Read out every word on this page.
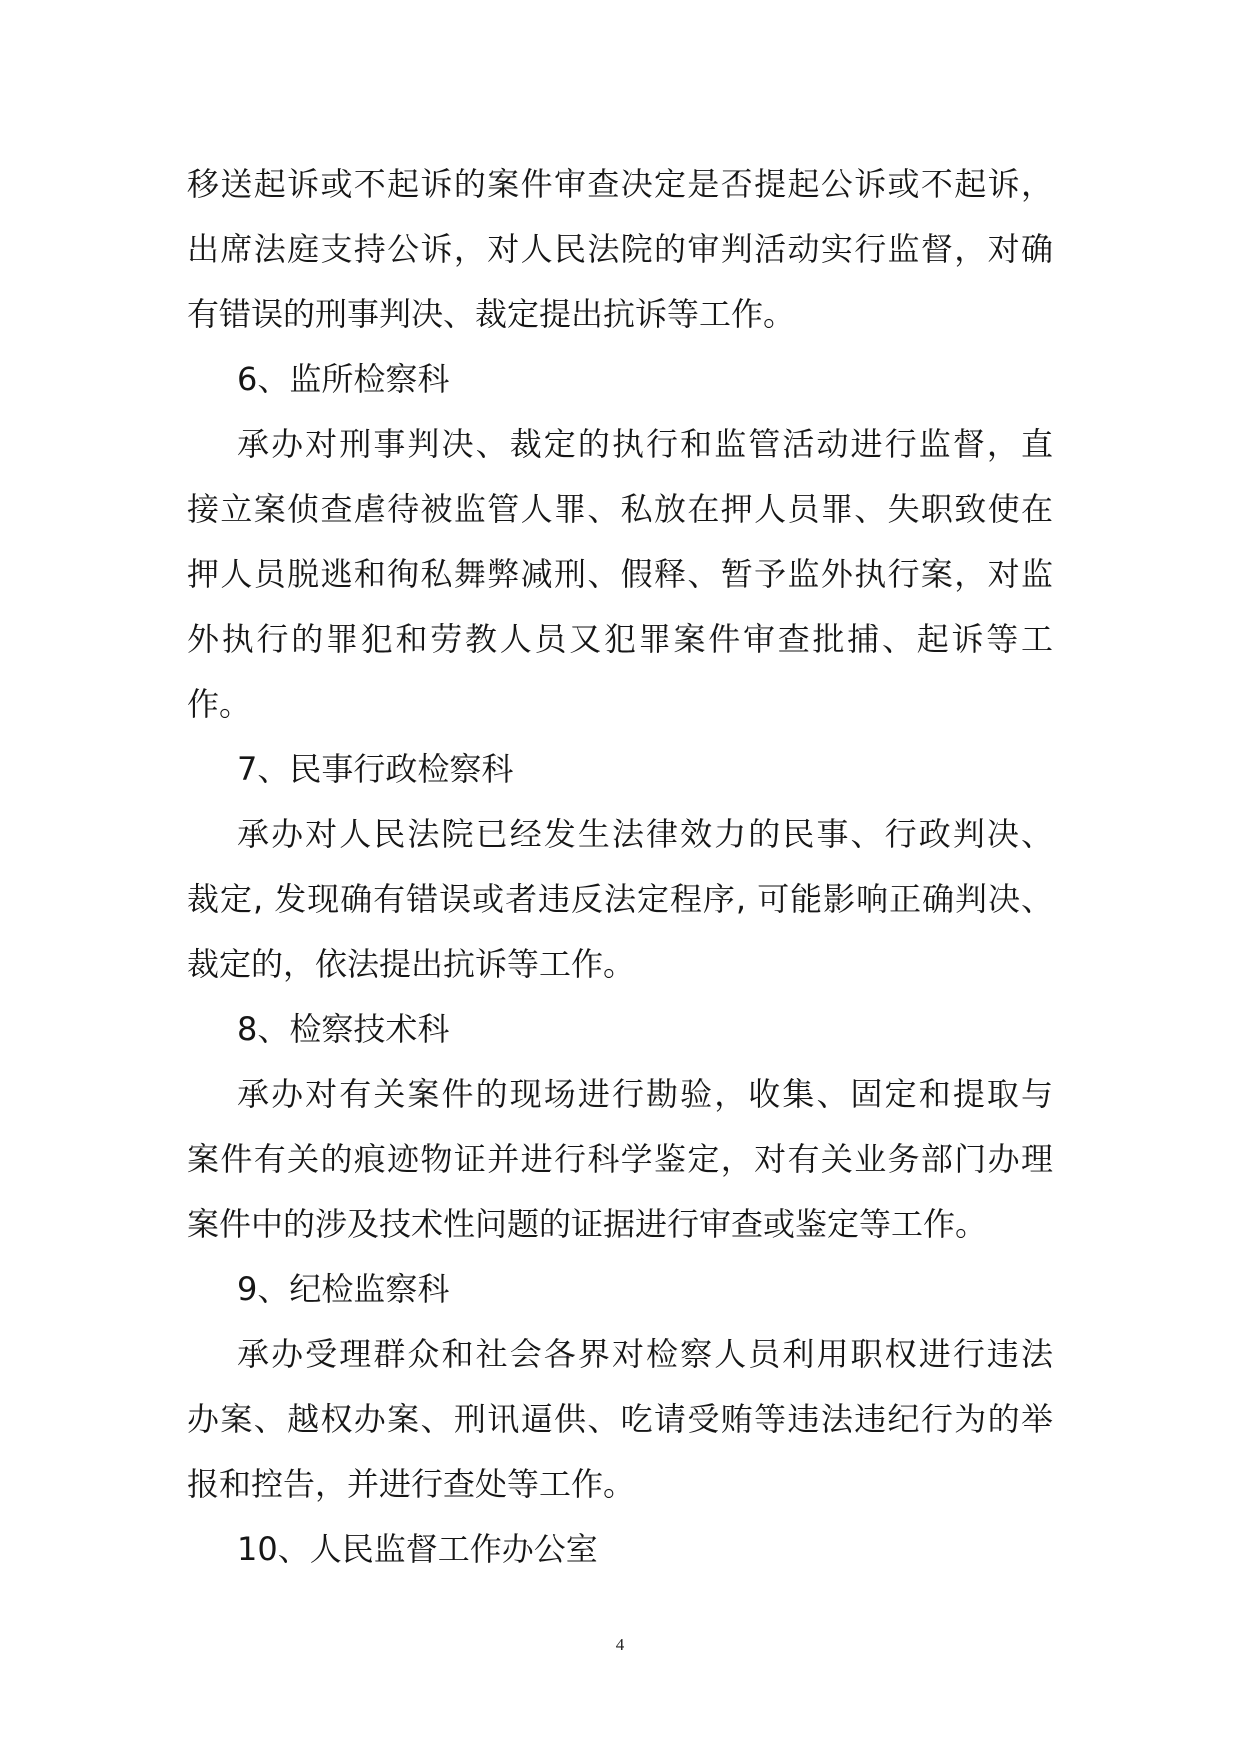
移送起诉或不起诉的案件审查决定是否提起公诉或不起诉，
出席法庭支持公诉，对人民法院的审判活动实行监督，对确
有错误的刑事判决、裁定提出抗诉等工作。
6、监所检察科
承办对刑事判决、裁定的执行和监管活动进行监督，直
接立案侦查虐待被监管人罪、私放在押人员罪、失职致使在
押人员脱逃和徇私舞弊减刑、假释、暂予监外执行案，对监
外执行的罪犯和劳教人员又犯罪案件审查批捕、起诉等工
作。
7、民事行政检察科
承办对人民法院已经发生法律效力的民事、行政判决、
裁定, 发现确有错误或者违反法定程序, 可能影响正确判决、
裁定的，依法提出抗诉等工作。
8、检察技术科
承办对有关案件的现场进行勘验，收集、固定和提取与
案件有关的痕迹物证并进行科学鉴定，对有关业务部门办理
案件中的涉及技术性问题的证据进行审查或鉴定等工作。
9、纪检监察科
承办受理群众和社会各界对检察人员利用职权进行违法
办案、越权办案、刑讯逼供、吃请受贿等违法违纪行为的举
报和控告，并进行查处等工作。
10、人民监督工作办公室
4
